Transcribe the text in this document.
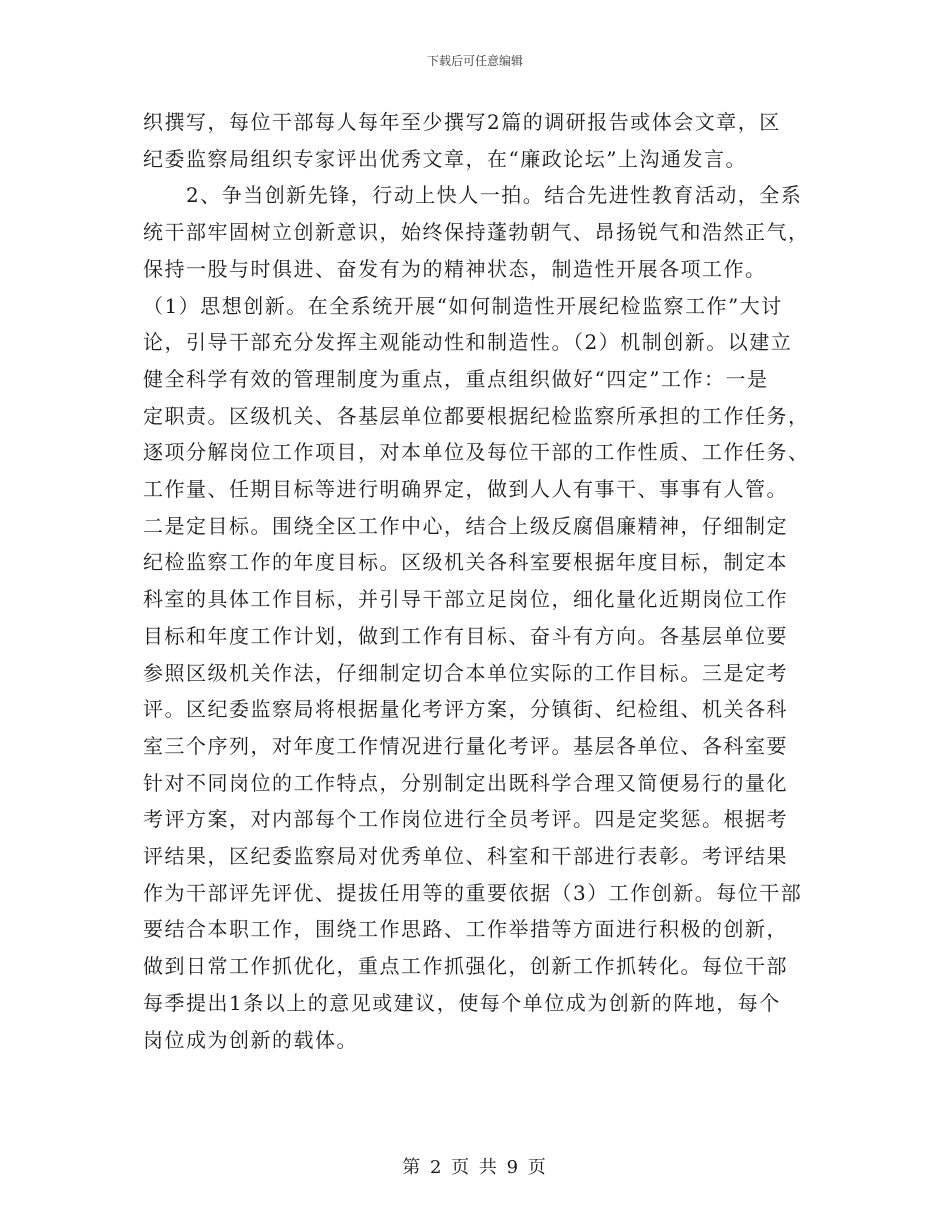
下载后可任意编辑

织撰写，每位干部每人每年至少撰写2篇的调研报告或体会文章，区
纪委监察局组织专家评出优秀文章，在“廉政论坛”上沟通发言。
　　2、争当创新先锋，行动上快人一拍。结合先进性教育活动，全系
统干部牢固树立创新意识，始终保持蓬勃朝气、昂扬锐气和浩然正气，
保持一股与时俱进、奋发有为的精神状态，制造性开展各项工作。
（1）思想创新。在全系统开展“如何制造性开展纪检监察工作”大讨
论，引导干部充分发挥主观能动性和制造性。（2）机制创新。以建立
健全科学有效的管理制度为重点，重点组织做好“四定”工作：一是
定职责。区级机关、各基层单位都要根据纪检监察所承担的工作任务，
逐项分解岗位工作项目，对本单位及每位干部的工作性质、工作任务、
工作量、任期目标等进行明确界定，做到人人有事干、事事有人管。
二是定目标。围绕全区工作中心，结合上级反腐倡廉精神，仔细制定
纪检监察工作的年度目标。区级机关各科室要根据年度目标，制定本
科室的具体工作目标，并引导干部立足岗位，细化量化近期岗位工作
目标和年度工作计划，做到工作有目标、奋斗有方向。各基层单位要
参照区级机关作法，仔细制定切合本单位实际的工作目标。三是定考
评。区纪委监察局将根据量化考评方案，分镇街、纪检组、机关各科
室三个序列，对年度工作情况进行量化考评。基层各单位、各科室要
针对不同岗位的工作特点，分别制定出既科学合理又简便易行的量化
考评方案，对内部每个工作岗位进行全员考评。四是定奖惩。根据考
评结果，区纪委监察局对优秀单位、科室和干部进行表彰。考评结果
作为干部评先评优、提拔任用等的重要依据（3）工作创新。每位干部
要结合本职工作，围绕工作思路、工作举措等方面进行积极的创新，
做到日常工作抓优化，重点工作抓强化，创新工作抓转化。每位干部
每季提出1条以上的意见或建议，使每个单位成为创新的阵地，每个
岗位成为创新的载体。

第 2 页 共 9 页
